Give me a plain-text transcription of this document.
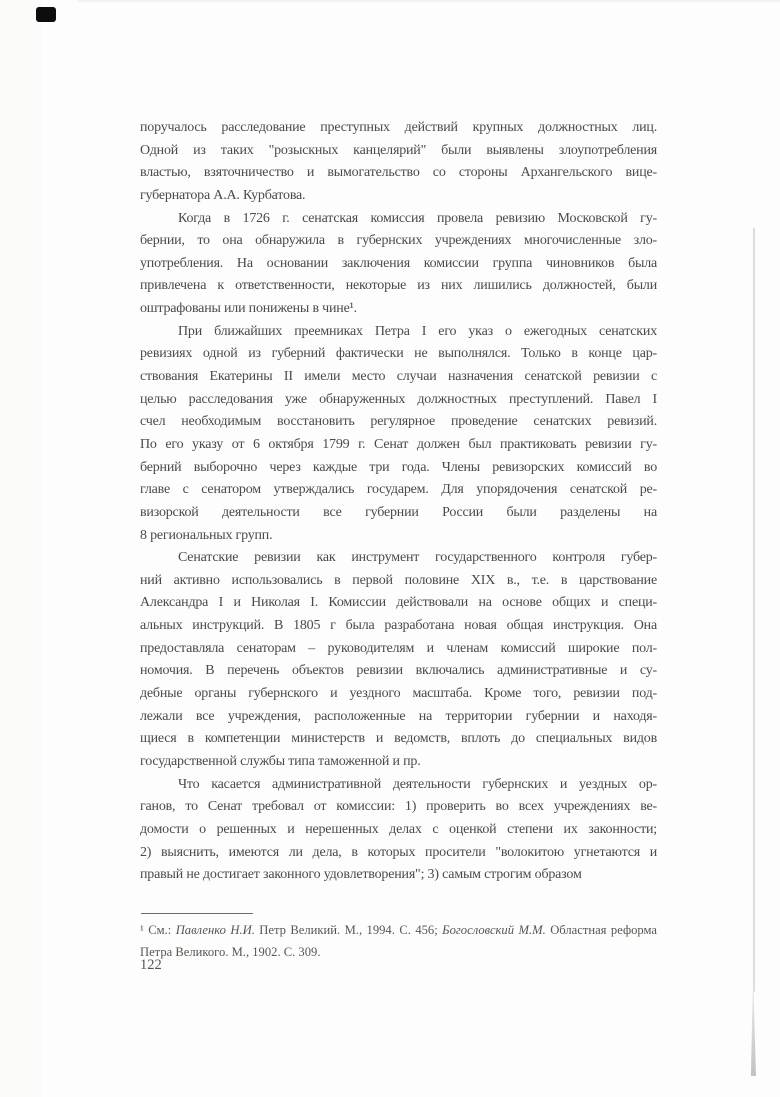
поручалось расследование преступных действий крупных должностных лиц.
Одной из таких "розыскных канцелярий" были выявлены злоупотребления
властью, взяточничество и вымогательство со стороны Архангельского вице-
губернатора А.А. Курбатова.
Когда в 1726 г. сенатская комиссия провела ревизию Московской гу-
бернии, то она обнаружила в губернских учреждениях многочисленные зло-
употребления. На основании заключения комиссии группа чиновников была
привлечена к ответственности, некоторые из них лишились должностей, были
оштрафованы или понижены в чине¹.
При ближайших преемниках Петра I его указ о ежегодных сенатских
ревизиях одной из губерний фактически не выполнялся. Только в конце цар-
ствования Екатерины II имели место случаи назначения сенатской ревизии с
целью расследования уже обнаруженных должностных преступлений. Павел I
счел необходимым восстановить регулярное проведение сенатских ревизий.
По его указу от 6 октября 1799 г. Сенат должен был практиковать ревизии гу-
берний выборочно через каждые три года. Члены ревизорских комиссий во
главе с сенатором утверждались государем. Для упорядочения сенатской ре-
визорской деятельности все губернии России были разделены на
8 региональных групп.
Сенатские ревизии как инструмент государственного контроля губер-
ний активно использовались в первой половине XIX в., т.е. в царствование
Александра I и Николая I. Комиссии действовали на основе общих и специ-
альных инструкций. В 1805 г была разработана новая общая инструкция. Она
предоставляла сенаторам – руководителям и членам комиссий широкие пол-
номочия. В перечень объектов ревизии включались административные и су-
дебные органы губернского и уездного масштаба. Кроме того, ревизии под-
лежали все учреждения, расположенные на территории губернии и находя-
щиеся в компетенции министерств и ведомств, вплоть до специальных видов
государственной службы типа таможенной и пр.
Что касается административной деятельности губернских и уездных ор-
ганов, то Сенат требовал от комиссии: 1) проверить во всех учреждениях ве-
домости о решенных и нерешенных делах с оценкой степени их законности;
2) выяснить, имеются ли дела, в которых просители "волокитою угнетаются и
правый не достигает законного удовлетворения"; 3) самым строгим образом
¹ См.: Павленко Н.И. Петр Великий. М., 1994. С. 456; Богословский М.М. Областная реформа Петра Великого. М., 1902. С. 309.
122
